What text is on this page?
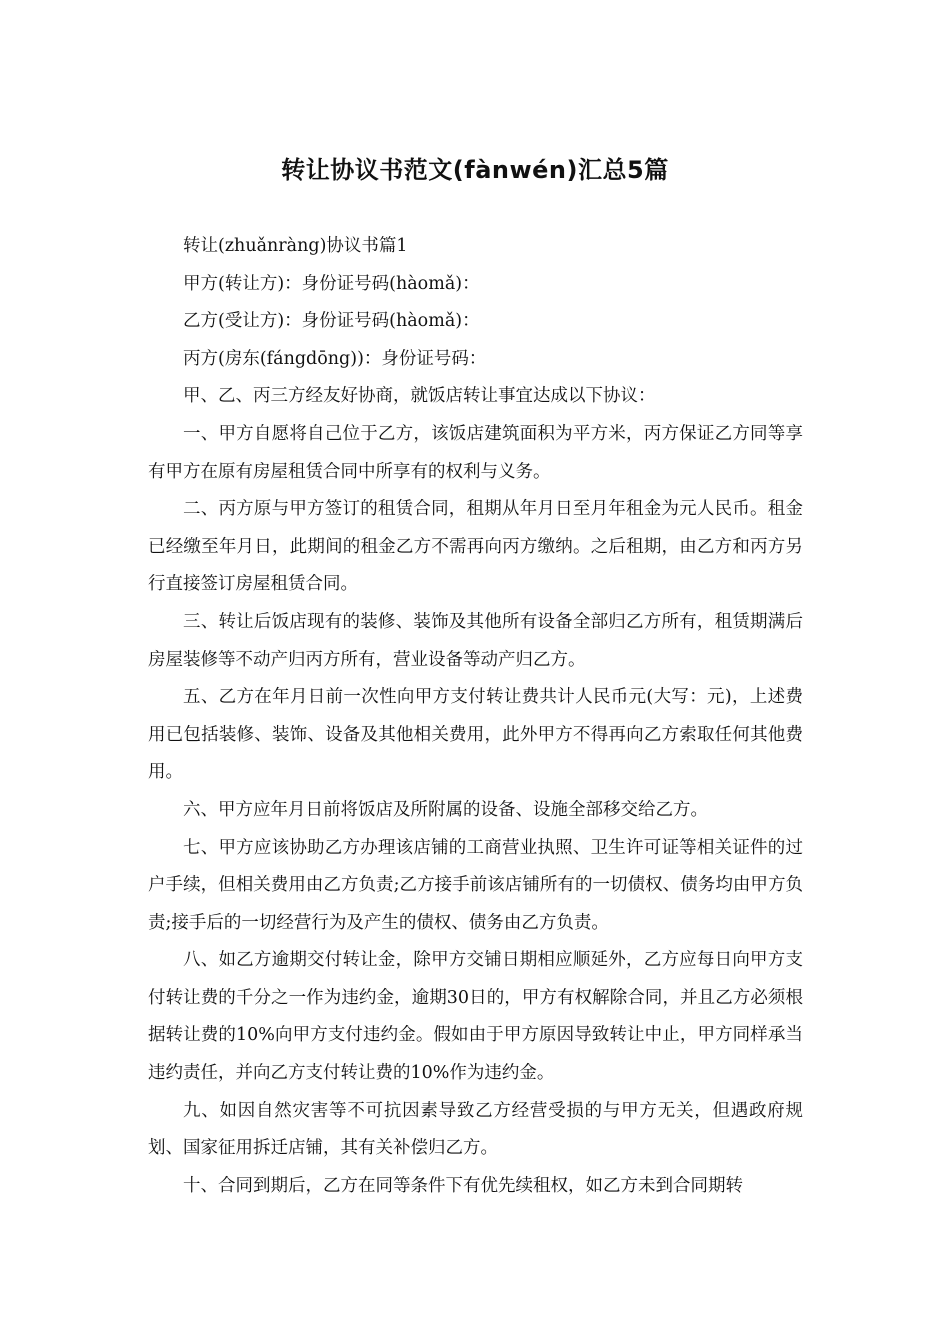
转让协议书范文(fànwén)汇总5篇

转让(zhuǎnràng)协议书篇1

甲方(转让方)：身份证号码(hàomǎ)：

乙方(受让方)：身份证号码(hàomǎ)：

丙方(房东(fángdōng))：身份证号码：

甲、乙、丙三方经友好协商，就饭店转让事宜达成以下协议：

一、甲方自愿将自己位于乙方，该饭店建筑面积为平方米，丙方保证乙方同等享有甲方在原有房屋租赁合同中所享有的权利与义务。

二、丙方原与甲方签订的租赁合同，租期从年月日至月年租金为元人民币。租金已经缴至年月日，此期间的租金乙方不需再向丙方缴纳。之后租期，由乙方和丙方另行直接签订房屋租赁合同。

三、转让后饭店现有的装修、装饰及其他所有设备全部归乙方所有，租赁期满后房屋装修等不动产归丙方所有，营业设备等动产归乙方。

五、乙方在年月日前一次性向甲方支付转让费共计人民币元(大写：元)，上述费用已包括装修、装饰、设备及其他相关费用，此外甲方不得再向乙方索取任何其他费用。

六、甲方应年月日前将饭店及所附属的设备、设施全部移交给乙方。

七、甲方应该协助乙方办理该店铺的工商营业执照、卫生许可证等相关证件的过户手续，但相关费用由乙方负责;乙方接手前该店铺所有的一切债权、债务均由甲方负责;接手后的一切经营行为及产生的债权、债务由乙方负责。

八、如乙方逾期交付转让金，除甲方交铺日期相应顺延外，乙方应每日向甲方支付转让费的千分之一作为违约金，逾期30日的，甲方有权解除合同，并且乙方必须根据转让费的10%向甲方支付违约金。假如由于甲方原因导致转让中止，甲方同样承当违约责任，并向乙方支付转让费的10%作为违约金。

九、如因自然灾害等不可抗因素导致乙方经营受损的与甲方无关，但遇政府规划、国家征用拆迁店铺，其有关补偿归乙方。

十、合同到期后，乙方在同等条件下有优先续租权，如乙方未到合同期转
